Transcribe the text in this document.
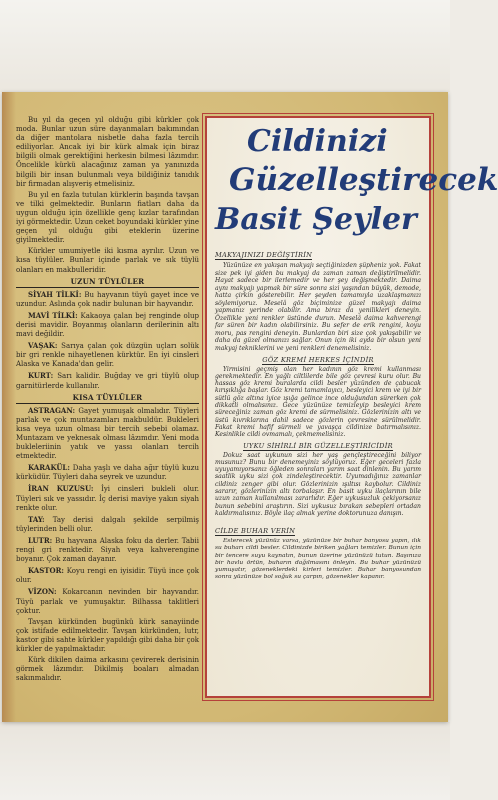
Bu yıl da geçen yıl olduğu gibi kürkler çok moda. Bunlar uzun süre dayanmaları bakımından da diğer mantolara nisbetle daha fazla tercih ediliyorlar. Ancak iyi bir kürk almak için biraz bilgili olmak gerektiğini herkesin bilmesi lâzımdır. Öncelikle kürkü alacağınız zaman ya yanınızda bilgili bir insan bulunmalı veya bildiğiniz tanıdık bir firmadan alışveriş etmelisiniz.

Bu yıl en fazla tutulan kürklerin başında tavşan ve tilki gelmektedir. Bunların fiatları daha da uygun olduğu için özellikle genç kızlar tarafından iyi görmektedir. Uzun ceket boyundaki kürkler yine geçen yıl olduğu gibi eteklerin üzerine giyilmektedir.

Kürkler umumiyetle iki kısma ayrılır. Uzun ve kısa tüylüler. Bunlar içinde parlak ve sık tüylü olanları en makbulleridir.

UZUN TÜYLÜLER

SİYAH TİLKİ: Bu hayvanın tüyü gayet ince ve uzundur. Aslında çok nadir bulunan bir hayvandır.

MAVİ TİLKİ: Kakaoya çalan bej renginde olup derisi mavidir. Boyanmış olanların derilerinin altı mavi değildir.

VAŞAK: Sarıya çalan çok düzgün uçları solük bir gri renkle nihayetlenen kürktür. En iyi cinsleri Alaska ve Kanada'dan gelir.

KURT: Sarı kalidir. Buğday ve gri tüylü olup garnitürlerde kullanılır.

KISA TÜYLÜLER

ASTRAGAN: Gayet yumuşak olmalıdır. Tüyleri parlak ve çok muntazamları makbuldür. Bukleleri kısa veya uzun olması bir tercih sebebi olamaz. Muntazam ve yeknesak olması lâzımdır. Yeni moda bukleleriinin yatık ve yassı olanları tercih etmektedir.

KARAKÜL: Daha yaşlı ve daha ağır tüylü kuzu kürküdür. Tüyleri daha seyrek ve uzundur.

İRAN KUZUSU: İyi cinsleri bukleli olur. Tüyleri sık ve yassıdır. İç derisi maviye yakın siyah renkte olur.

TAY: Tay derisi dalgalı şekilde serpilmiş tüylerinden belli olur.

LUTR: Bu hayvana Alaska foku da derler. Tabii rengi gri renktedir. Siyah veya kahverengine boyanır. Çok zaman dayanır.

KASTOR: Koyu rengi en iyisidir. Tüyü ince çok olur.

VİZON: Kokarcanın nevinden bir hayvandır. Tüyü parlak ve yumuşaktır. Bilhassa taklitleri çoktur.

Tavşan kürkünden bugünkü kürk sanayiinde çok istifade edilmektedir. Tavşan kürkünden, lutr, kastor gibi sahte kürkler yapıldığı gibi daha bir çok kürkler de yapılmaktadır.

Kürk dikilen daima arkasını çevirerek derisinin görmek lâzımdır. Dikilmiş boaları almadan sakınmalıdır.

Cildinizi
Güzelleştirecek
Basit Şeyler
MAKYAJINIZI DEĞİŞTİRİN

Yüzünüze en yakışan makyajı seçtiğinizden şüpheniz yok. Fakat size pek iyi giden bu makyaj da zaman zaman değiştirilmelidir. Hayat sadece bir ilerlemedir ve her şey değişmektedir. Daima aynı makyajı yapmak bir süre sonra sizi yaşından büyük, demode, hatta çirkin gösterebilir. Her şeyden tamamıyla uzaklaşmanızı söylemiyoruz. Meselâ göz biçiminize güzel makyajı daima yapmanız yerinde olabilir. Ama biraz da yenilikleri deneyin. Özellikle yeni renkler üstünde durun. Meselâ daima kahverengi far süren bir kadın olabilirsiniz. Bu sefer de erik rengini, koyu moru, pas rengini deneyin. Bunlardan biri size çok yakışabilir ve daha da güzel olmanızı sağlar. Onun için iki ayda bir olsun yeni makyaj tekniklerini ve yeni renkleri denemelisiniz.

GÖZ KREMİ HERKES İÇİNDİR

Yirmisini geçmiş olan her kadının göz kremi kullanması gerekmektedir. En yağlı ciltlilerde bile göz çevresi kuru olur. Bu hassas göz kremi buralarda cildi besler yüzünden de çabucak kırışıklığa başlar. Göz kremi tamamlayıcı, besleyici krem ve iyi bir sütlü göz altına iyice ışığa gelince ince olduğundan sürerken çok dikkatli olmalısınız. Gece yüzünüze temizleyip besleyici krem süreceğiniz zaman göz kremi de sürmelisiniz. Gözlerinizin altı ve üstü kıvrıklarına dahil sadece gözlerin çevresine sürülmelidir. Fakat kremi hafif sürmeli ve yavaşça cildinize batırmalısınız. Kesinlikle cildi ovmamalı, çekmemelisiniz.

UYKU SİHİRLİ BİR GÜZELLEŞTİRİCİDİR

Dokuz saat uykunun sizi her yaş gençleştireceğini biliyor musunuz? Bunu bir denemeyiniz söylüyoruz. Eğer geceleri fazla uyuyamıyorsanız öğleden sonraları yarım saat dinlenin. Bu yarım saatlik uyku sizi çok zindeleştirecektir. Uyumadığınız zamanlar cildiniz zenger gibi olur. Gözlerinizin ışıltısı kaybolur. Cildiniz sararır, gözlerinizin altı torbalaşır. En basit uyku ilaçlarının bile uzun zaman kullanılması zararlıdır. Eğer uykusuzluk çekiyorsanız bunun sebebini araştırın. Sizi uykusuz bırakan sebepleri ortadan kaldırmalısınız. Böyle ilaç almak yerine doktorunuza danışın.

CİLDE BUHAR VERİN

Esterecek yüzünüz varsa, yüzünüze bir buhar banyosu yapın, ılık su buharı cildi besler. Cildinizde biriken yağları temizler. Bunun için bir tencere suyu kaynatın, bunun üzerine yüzünüzü tutun. Başınıza bir havlu örtün, buharın dağılmasını önleyin. Bu buhar yüzünüzü yumuşatır, gözeneklerdeki kirleri temizler. Buhar banyosundan sonra yüzünüze bol soğuk su çarpın, gözenekler kapanır.
